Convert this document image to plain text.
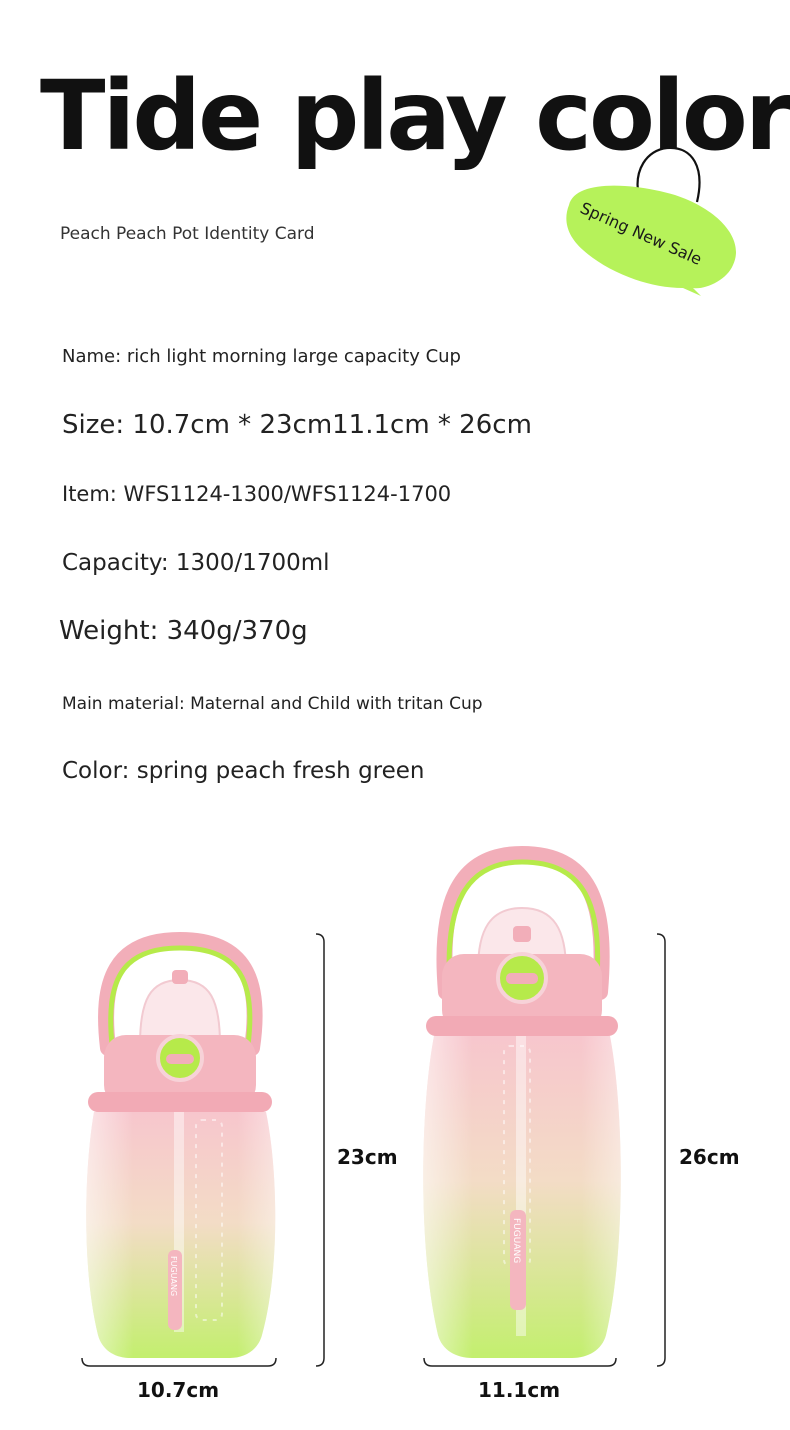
Tide play color
Peach Peach Pot Identity Card	Spring New Sale
Name: rich light morning large capacity Cup
Size: 10.7cm * 23cm11.1cm * 26cm
Item: WFS1124-1300/WFS1124-1700
Capacity: 1300/1700ml
Weight: 340g/370g
Main material: Maternal and Child with tritan Cup
Color: spring peach fresh green
FUGUANG
FUGUANG
23cm
10.7cm
26cm
11.1cm
